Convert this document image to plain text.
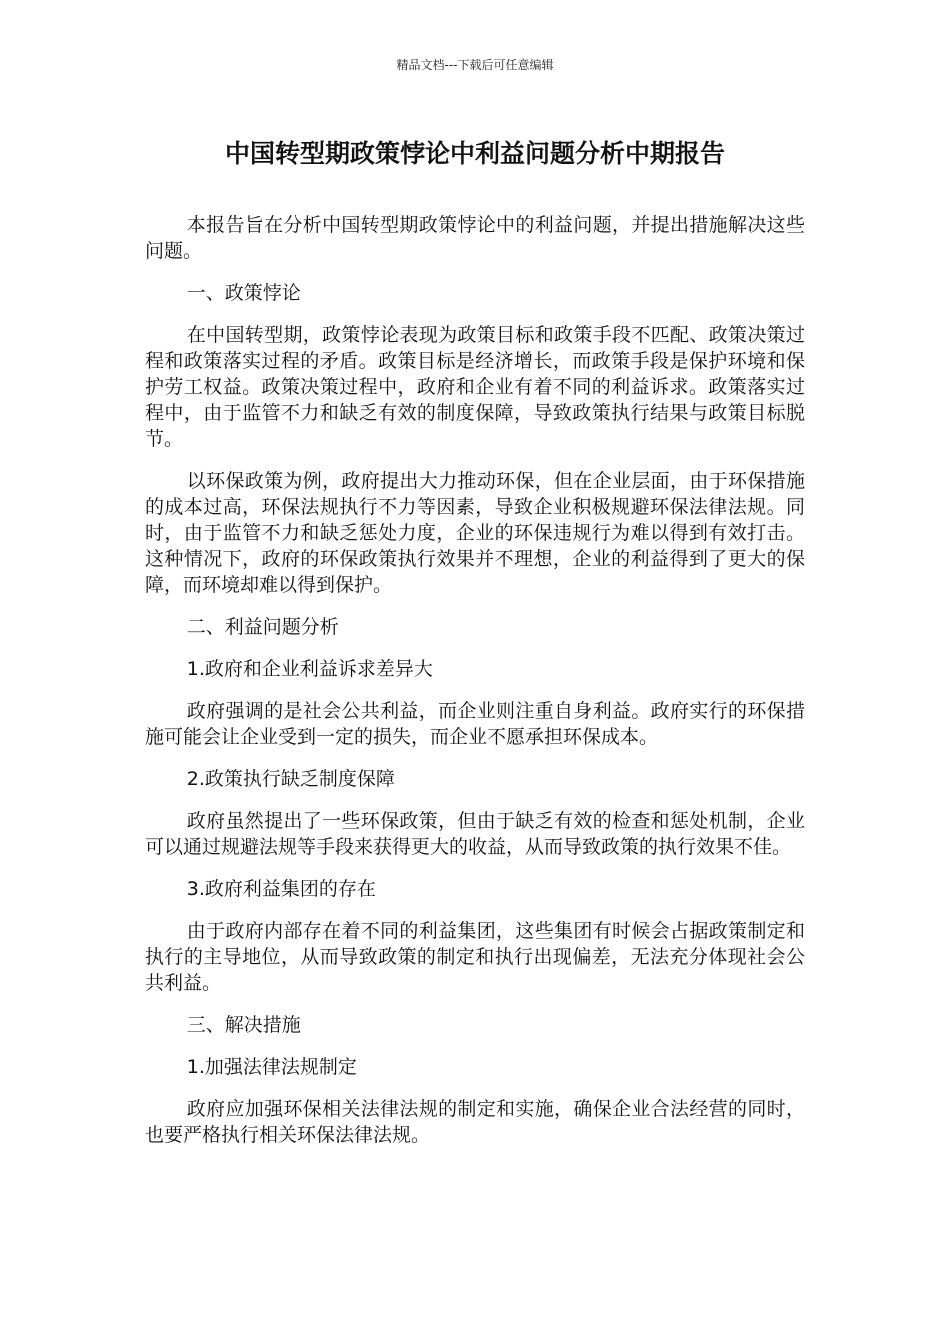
精品文档---下载后可任意编辑
中国转型期政策悖论中利益问题分析中期报告

本报告旨在分析中国转型期政策悖论中的利益问题，并提出措施解决这些问题。

一、政策悖论

在中国转型期，政策悖论表现为政策目标和政策手段不匹配、政策决策过程和政策落实过程的矛盾。政策目标是经济增长，而政策手段是保护环境和保护劳工权益。政策决策过程中，政府和企业有着不同的利益诉求。政策落实过程中，由于监管不力和缺乏有效的制度保障，导致政策执行结果与政策目标脱节。

以环保政策为例，政府提出大力推动环保，但在企业层面，由于环保措施的成本过高，环保法规执行不力等因素，导致企业积极规避环保法律法规。同时，由于监管不力和缺乏惩处力度，企业的环保违规行为难以得到有效打击。这种情况下，政府的环保政策执行效果并不理想，企业的利益得到了更大的保障，而环境却难以得到保护。

二、利益问题分析

1.政府和企业利益诉求差异大

政府强调的是社会公共利益，而企业则注重自身利益。政府实行的环保措施可能会让企业受到一定的损失，而企业不愿承担环保成本。

2.政策执行缺乏制度保障

政府虽然提出了一些环保政策，但由于缺乏有效的检查和惩处机制，企业可以通过规避法规等手段来获得更大的收益，从而导致政策的执行效果不佳。

3.政府利益集团的存在

由于政府内部存在着不同的利益集团，这些集团有时候会占据政策制定和执行的主导地位，从而导致政策的制定和执行出现偏差，无法充分体现社会公共利益。

三、解决措施

1.加强法律法规制定

政府应加强环保相关法律法规的制定和实施，确保企业合法经营的同时，也要严格执行相关环保法律法规。
